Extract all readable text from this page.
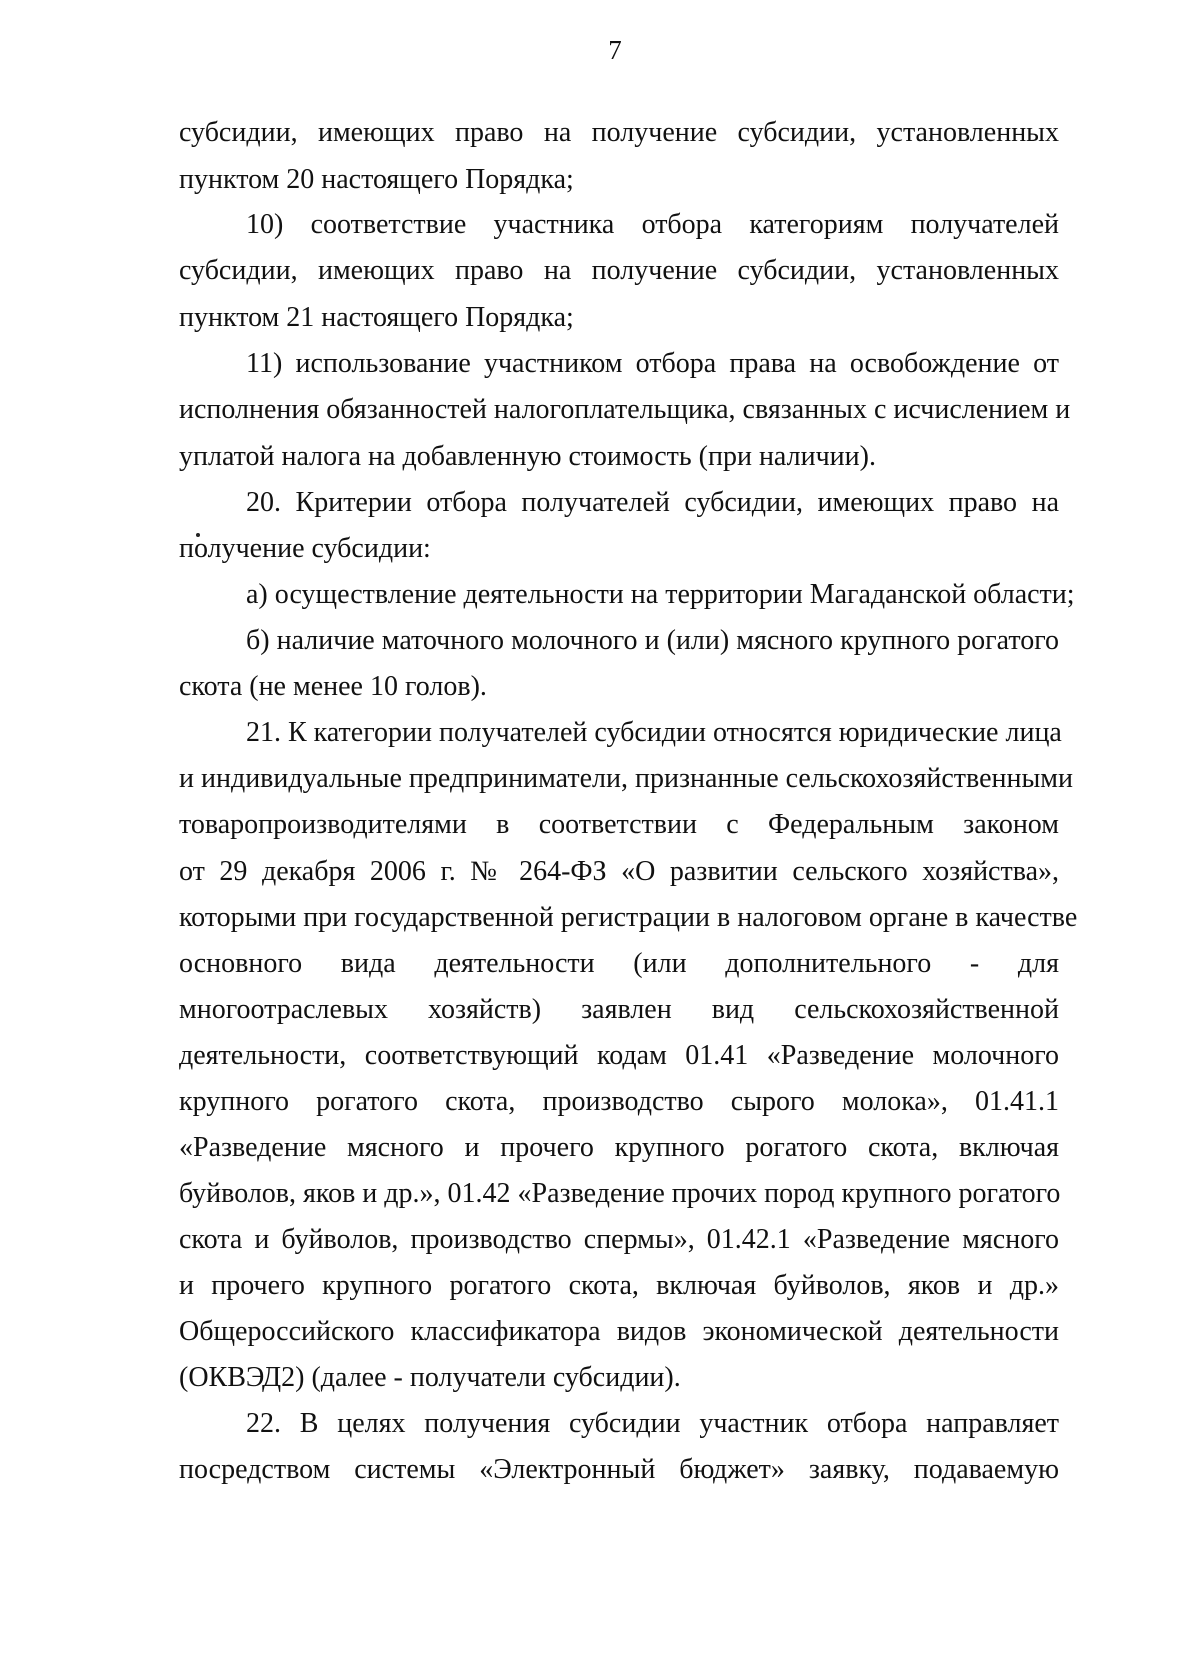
7
субсидии, имеющих право на получение субсидии, установленных
пунктом 20 настоящего Порядка;
10) соответствие участника отбора категориям получателей
субсидии, имеющих право на получение субсидии, установленных
пунктом 21 настоящего Порядка;
11) использование участником отбора права на освобождение от
исполнения обязанностей налогоплательщика, связанных с исчислением и
уплатой налога на добавленную стоимость (при наличии).
20. Критерии отбора получателей субсидии, имеющих право на
получение субсидии:
а) осуществление деятельности на территории Магаданской области;
б) наличие маточного молочного и (или) мясного крупного рогатого
скота (не менее 10 голов).
21. К категории получателей субсидии относятся юридические лица
и индивидуальные предприниматели, признанные сельскохозяйственными
товаропроизводителями в соответствии с Федеральным законом
от 29 декабря 2006 г. № 264-ФЗ «О развитии сельского хозяйства»,
которыми при государственной регистрации в налоговом органе в качестве
основного вида деятельности (или дополнительного - для
многоотраслевых хозяйств) заявлен вид сельскохозяйственной
деятельности, соответствующий кодам 01.41 «Разведение молочного
крупного рогатого скота, производство сырого молока», 01.41.1
«Разведение мясного и прочего крупного рогатого скота, включая
буйволов, яков и др.», 01.42 «Разведение прочих пород крупного рогатого
скота и буйволов, производство спермы», 01.42.1 «Разведение мясного
и прочего крупного рогатого скота, включая буйволов, яков и др.»
Общероссийского классификатора видов экономической деятельности
(ОКВЭД2) (далее - получатели субсидии).
22. В целях получения субсидии участник отбора направляет
посредством системы «Электронный бюджет» заявку, подаваемую
